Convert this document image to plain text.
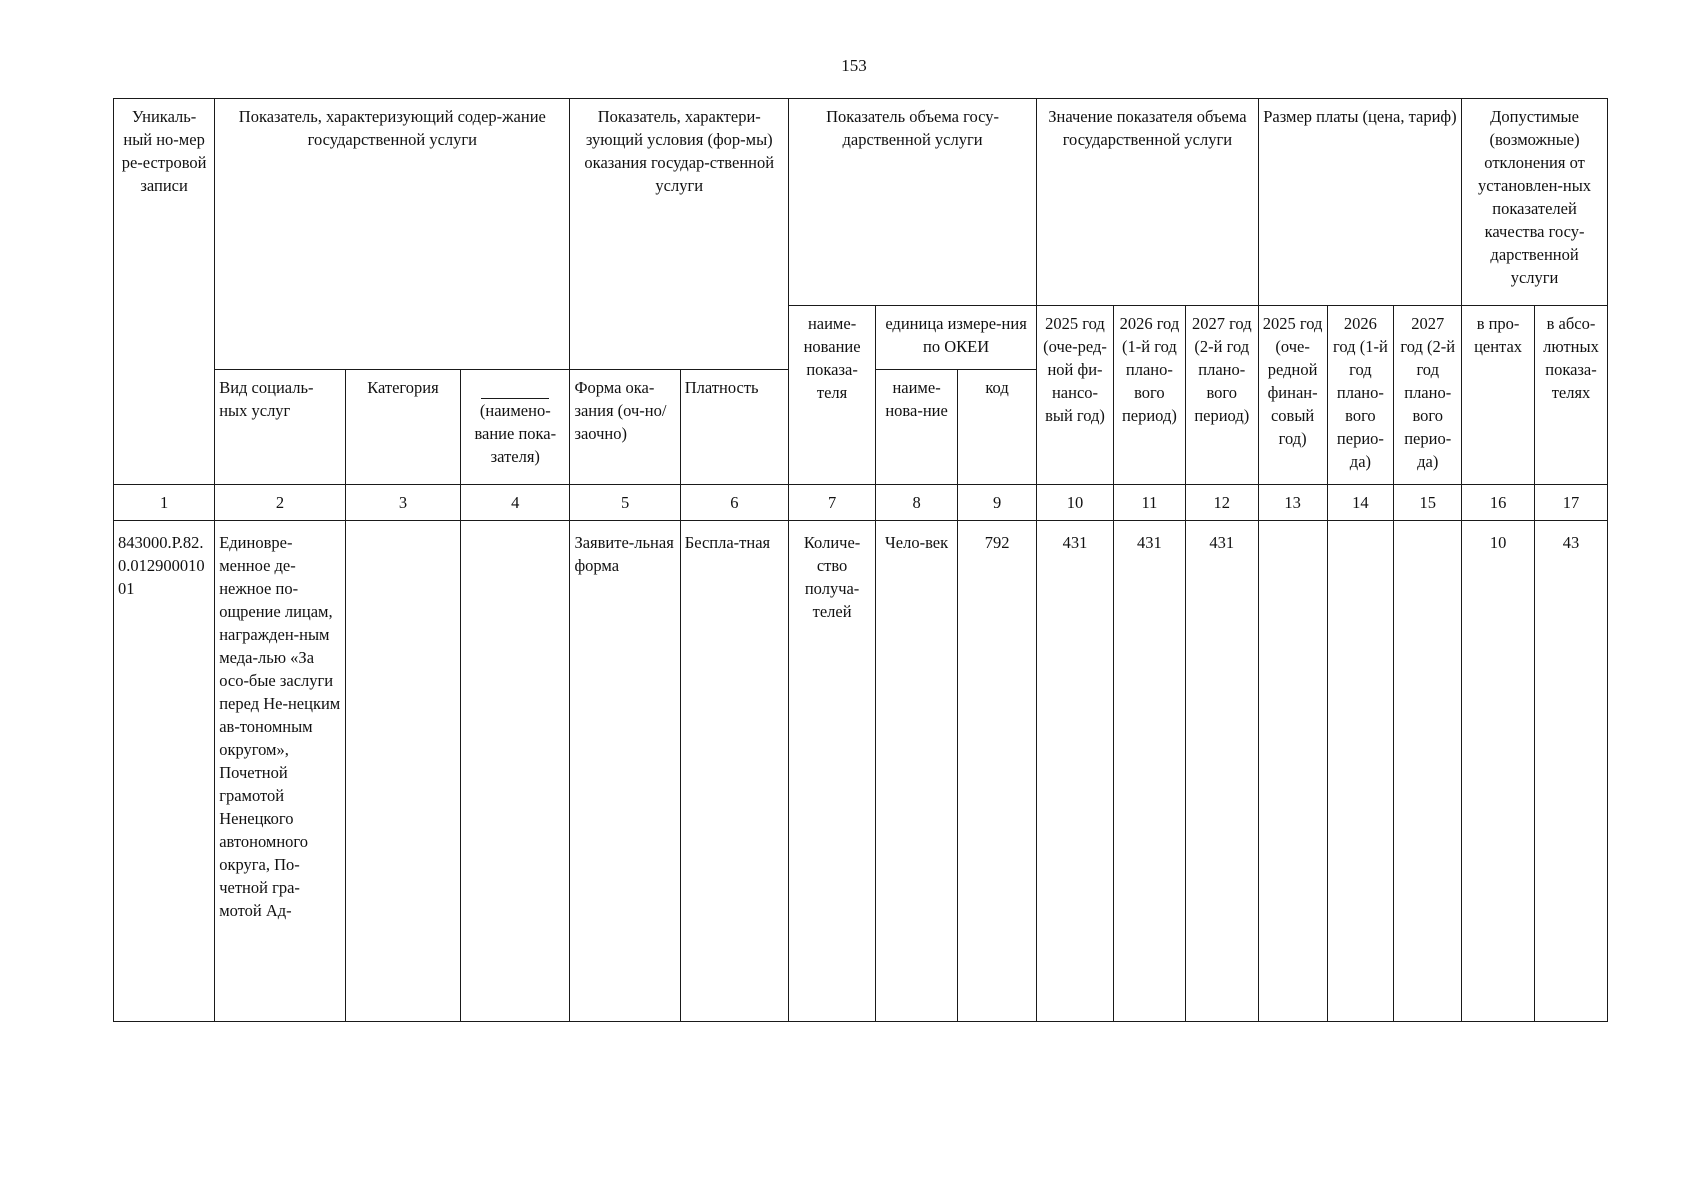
153
Уникаль-ный но-мер ре-естровой записи	Показатель, характеризующий содер-жание государственной услуги			Показатель, характери-зующий условия (фор-мы) оказания государ-ственной услуги		Показатель объема госу-дарственной услуги			Значение показателя объема государственной услуги			Размер платы (цена, тариф)			Допустимые (возможные) отклонения от установлен-ных показателей качества госу-дарственной услуги	
						наиме-нование показа-теля	единица измере-ния по ОКЕИ		2025 год (оче-ред-ной фи-нансо-вый год)	2026 год (1-й год плано-вого период)	2027 год (2-й год плано-вого период)	2025 год (оче-редной финан-совый год)	2026 год (1-й год плано-вого перио-да)	2027 год (2-й год плано-вого перио-да)	в про-центах	в абсо-лютных показа-телях
	Вид социаль-ных услуг	Категория	(наимено-вание пока-зателя)	Форма ока-зания (оч-но/заочно)	Платность		наиме-нова-ние	код								
1	2	3	4	5	6	7	8	9	10	11	12	13	14	15	16	17
843000.Р.82.0.01290001001	Единовре-менное де-нежное по-ощрение лицам, награжден-ным меда-лью «За осо-бые заслуги перед Не-нецким ав-тономным округом», Почетной грамотой Ненецкого автономного округа, По-четной гра-мотой Ад-			Заявите-льная форма	Беспла-тная	Количе-ство получа-телей	Чело-век	792	431	431	431				10	43
